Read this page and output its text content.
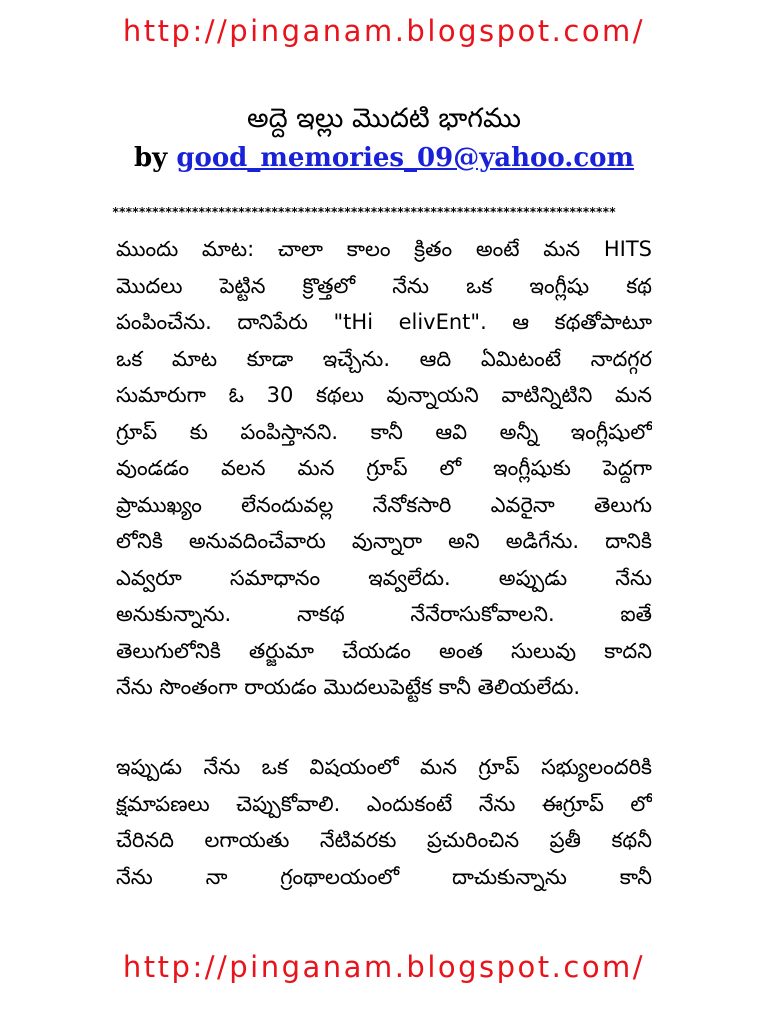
http://pinganam.blogspot.com/
అద్దె ఇల్లు మొదటి భాగము
by good_memories_09@yahoo.com
****************************************************************************
ముందు మాట: చాలా కాలం క్రితం అంటే మన HITS
మొదలు పెట్టిన క్రొత్తలో నేను ఒక ఇంగ్లీషు కథ
పంపించేను. దానిపేరు "tHi elivEnt". ఆ కథతోపాటూ
ఒక మాట కూడా ఇచ్చేను. ఆది ఏమిటంటే నాదగ్గర
సుమారుగా ఓ 30 కథలు వున్నాయని వాటిన్నిటిని మన
గ్రూప్ కు పంపిస్తానని. కానీ ఆవి అన్నీ ఇంగ్లీషులో
వుండడం వలన మన గ్రూప్ లో ఇంగ్లీషుకు పెద్దగా
ప్రాముఖ్యం లేనందువల్ల నేనోకసారి ఎవరైనా తెలుగు
లోనికి అనువదించేవారు వున్నారా అని అడిగేను. దానికి
ఎవ్వరూ సమాధానం ఇవ్వలేదు. అప్పుడు నేను
అనుకున్నాను. నాకథ నేనేరాసుకోవాలని. ఐతే
తెలుగులోనికి తర్జుమా చేయడం అంత సులువు కాదని
నేను సొంతంగా రాయడం మొదలుపెట్టేక కానీ తెలియలేదు.
ఇప్పుడు నేను ఒక విషయంలో మన గ్రూప్ సభ్యులందరికి
క్షమాపణలు చెప్పుకోవాలి. ఎందుకంటే నేను ఈగ్రూప్ లో
చేరినది లగాయతు నేటివరకు ప్రచురించిన ప్రతీ కథనీ
నేను నా గ్రంథాలయంలో దాచుకున్నాను కానీ
http://pinganam.blogspot.com/
